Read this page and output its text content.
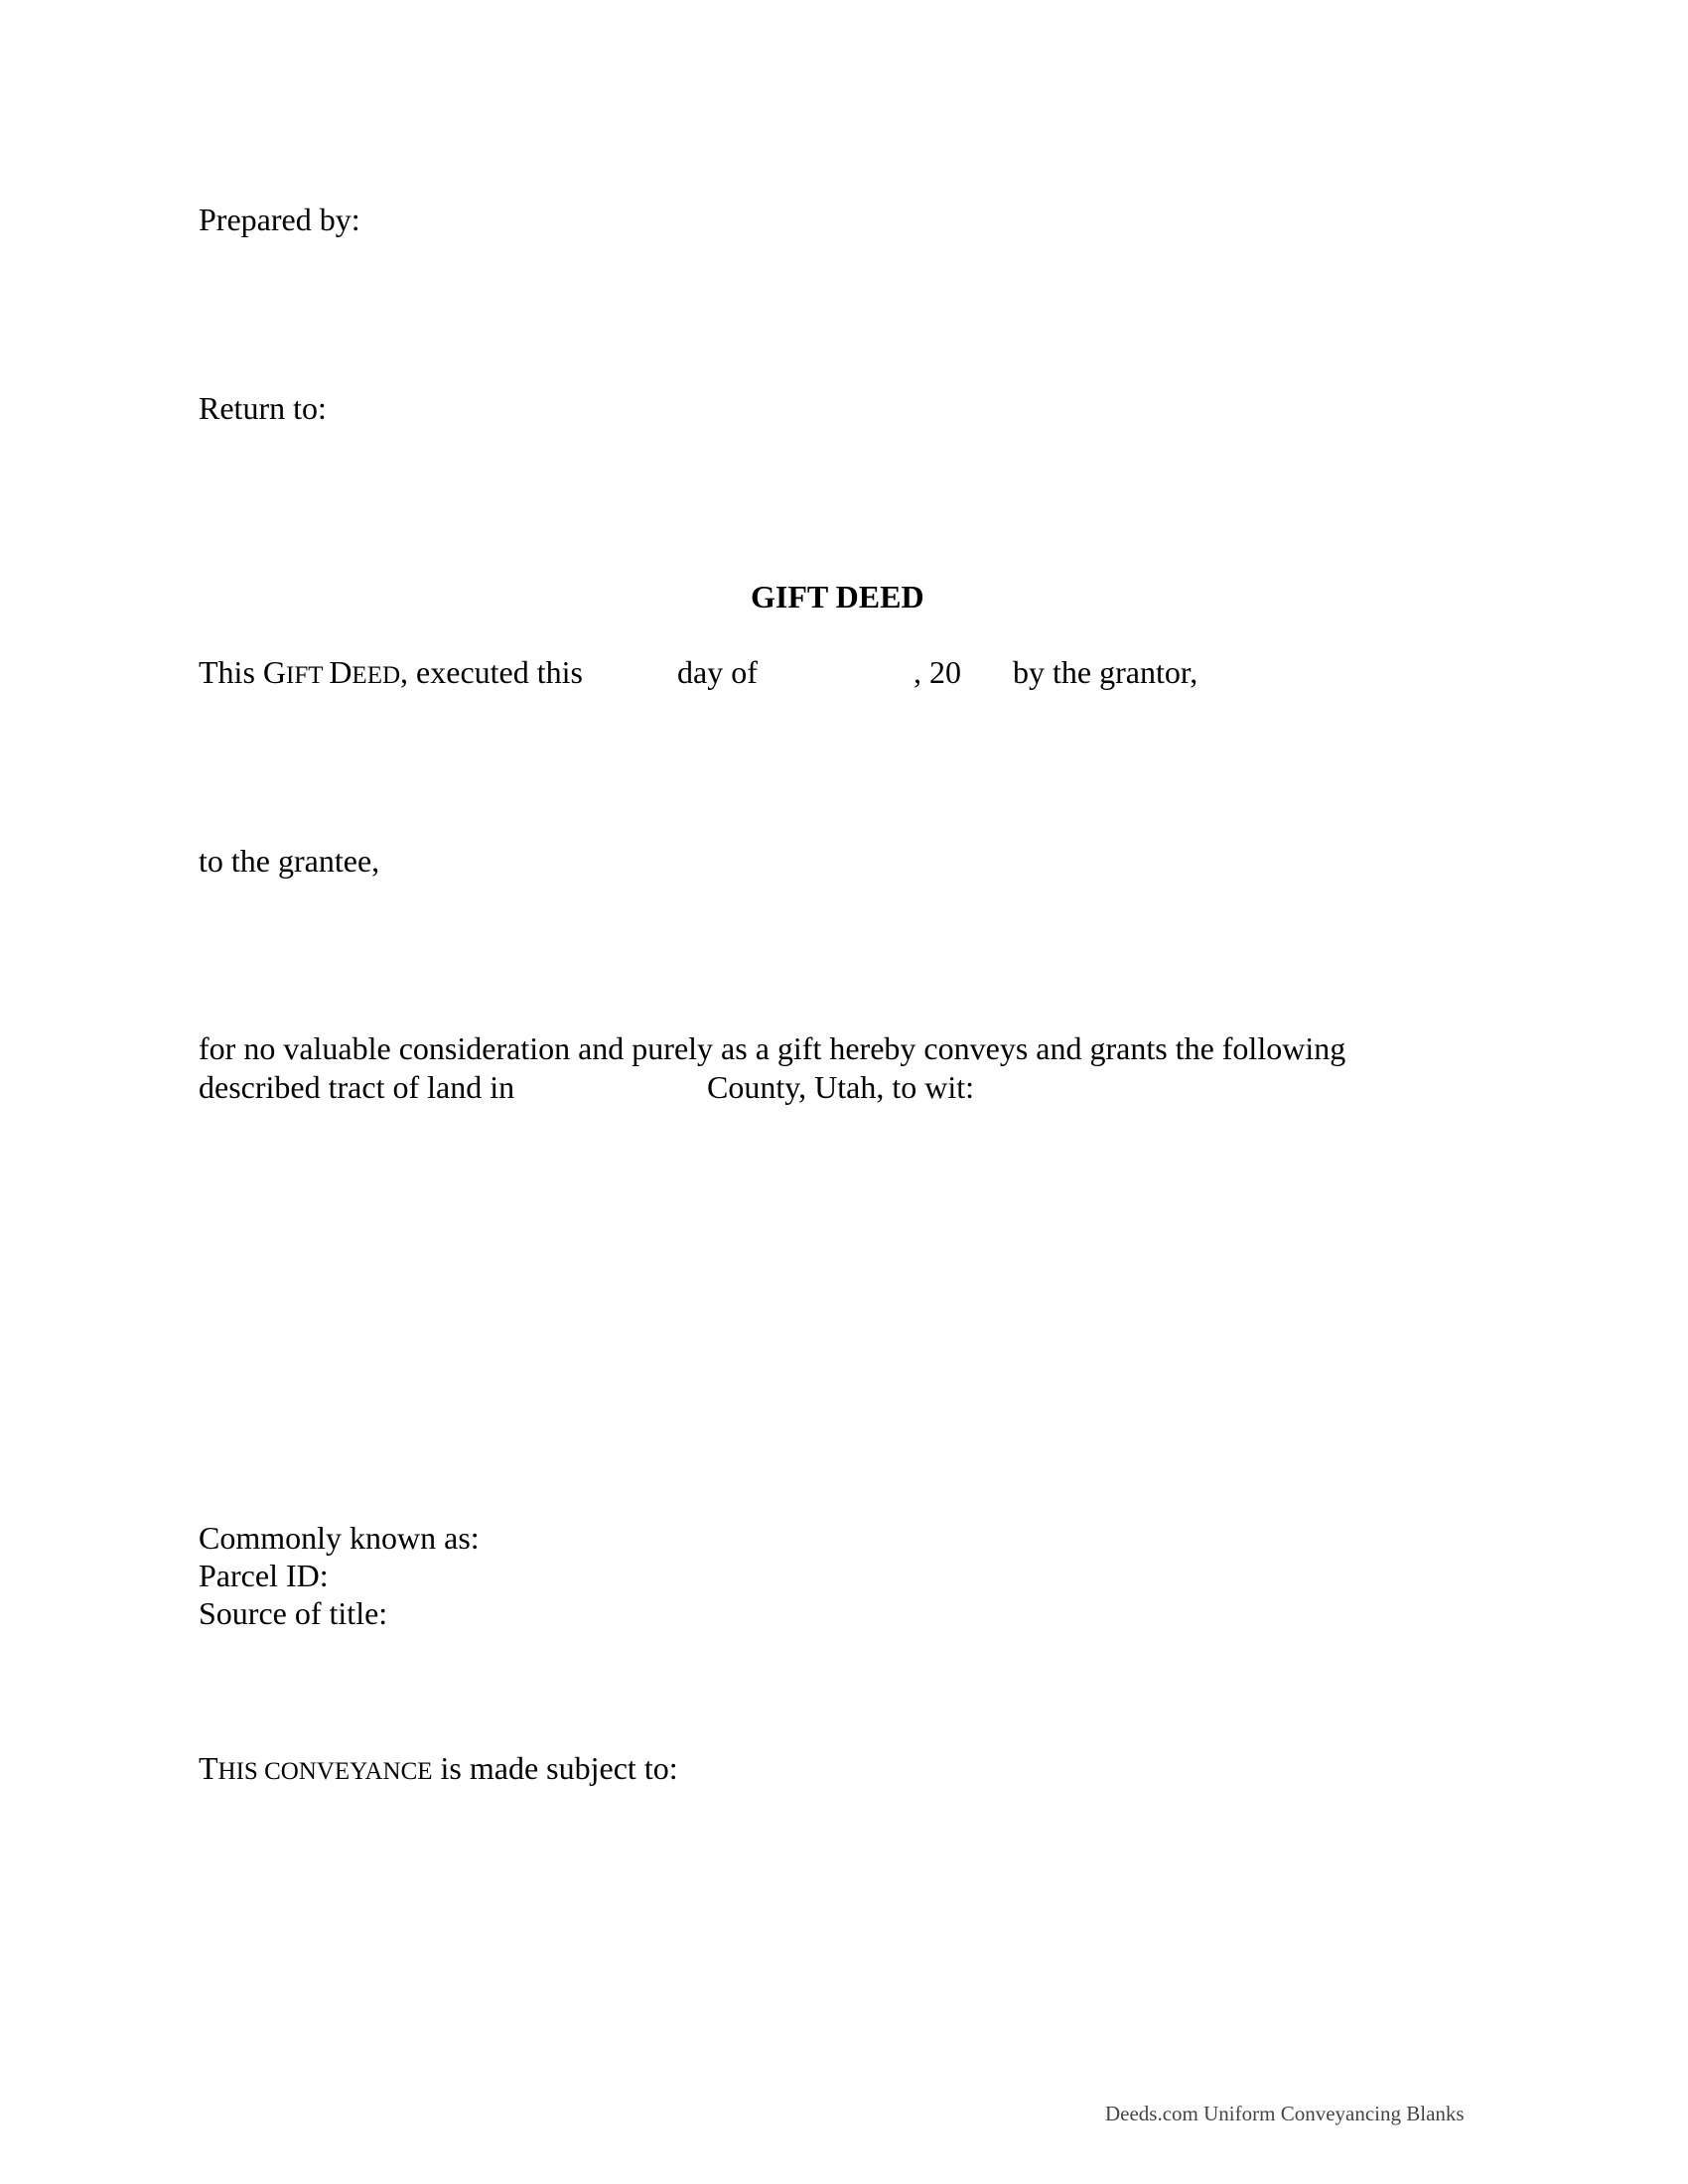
Prepared by:

Return to:

GIFT DEED

This GIFT DEED, executed this	day of	, 20 by the grantor,

to the grantee,

for no valuable consideration and purely as a gift hereby conveys and grants the following

described tract of land in	County, Utah, to wit:

Commonly known as:

Parcel ID:

Source of title:

THIS CONVEYANCE is made subject to:

Deeds.com Uniform Conveyancing Blanks
